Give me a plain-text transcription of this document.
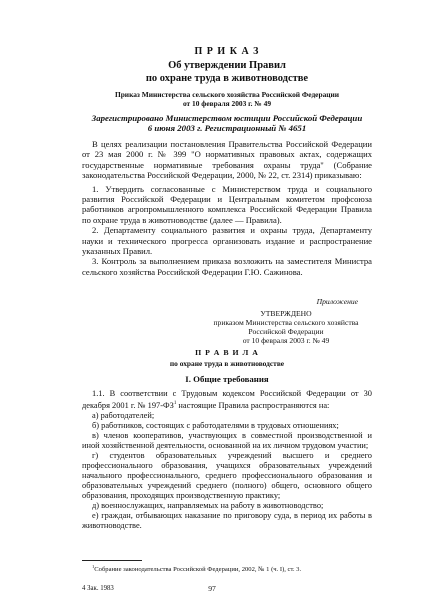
П Р И К А З
Об утверждении Правил
по охране труда в животноводстве
Приказ Министерства сельского хозяйства Российской Федерации
от 10 февраля 2003 г. № 49
Зарегистрировано Министерством юстиции Российской Федерации
6 июня 2003 г. Регистрационный № 4651

В целях реализации постановления Правительства Российской Федерации от 23 мая 2000 г. № 399 "О нормативных правовых актах, содержащих государственные нормативные требования охраны труда" (Собрание законодательства Российской Федерации, 2000, № 22, ст. 2314) приказываю:

1. Утвердить согласованные с Министерством труда и социального развития Российской Федерации и Центральным комитетом профсоюза работников агропромышленного комплекса Российской Федерации Правила по охране труда в животноводстве (далее — Правила).

2. Департаменту социального развития и охраны труда, Департаменту науки и технического прогресса организовать издание и распространение указанных Правил.

3. Контроль за выполнением приказа возложить на заместителя Министра сельского хозяйства Российской Федерации Г.Ю. Сажинова.

Приложение
УТВЕРЖДЕНО
приказом Министерства сельского хозяйства
Российской Федерации
от 10 февраля 2003 г. № 49
П Р А В И Л А
по охране труда в животноводстве
I. Общие требования

1.1. В соответствии с Трудовым кодексом Российской Федерации от 30 декабря 2001 г. № $197-ФЗ^1$ настоящие Правила распространяются на:

а) работодателей;

б) работников, состоящих с работодателями в трудовых отношениях;

в) членов кооперативов, участвующих в совместной производственной и иной хозяйственной деятельности, основанной на их личном трудовом участии;

г) студентов образовательных учреждений высшего и среднего профессионального образования, учащихся образовательных учреждений начального профессионального, среднего профессионального образования и образовательных учреждений среднего (полного) общего, основного общего образования, проходящих производственную практику;

д) военнослужащих, направляемых на работу в животноводство;

е) граждан, отбывающих наказание по приговору суда, в период их работы в животноводстве.

$^1$Собрание законодательства Российской Федерации, 2002, № 1 (ч. I), ст. 3.
4 Зак. 1983	97
